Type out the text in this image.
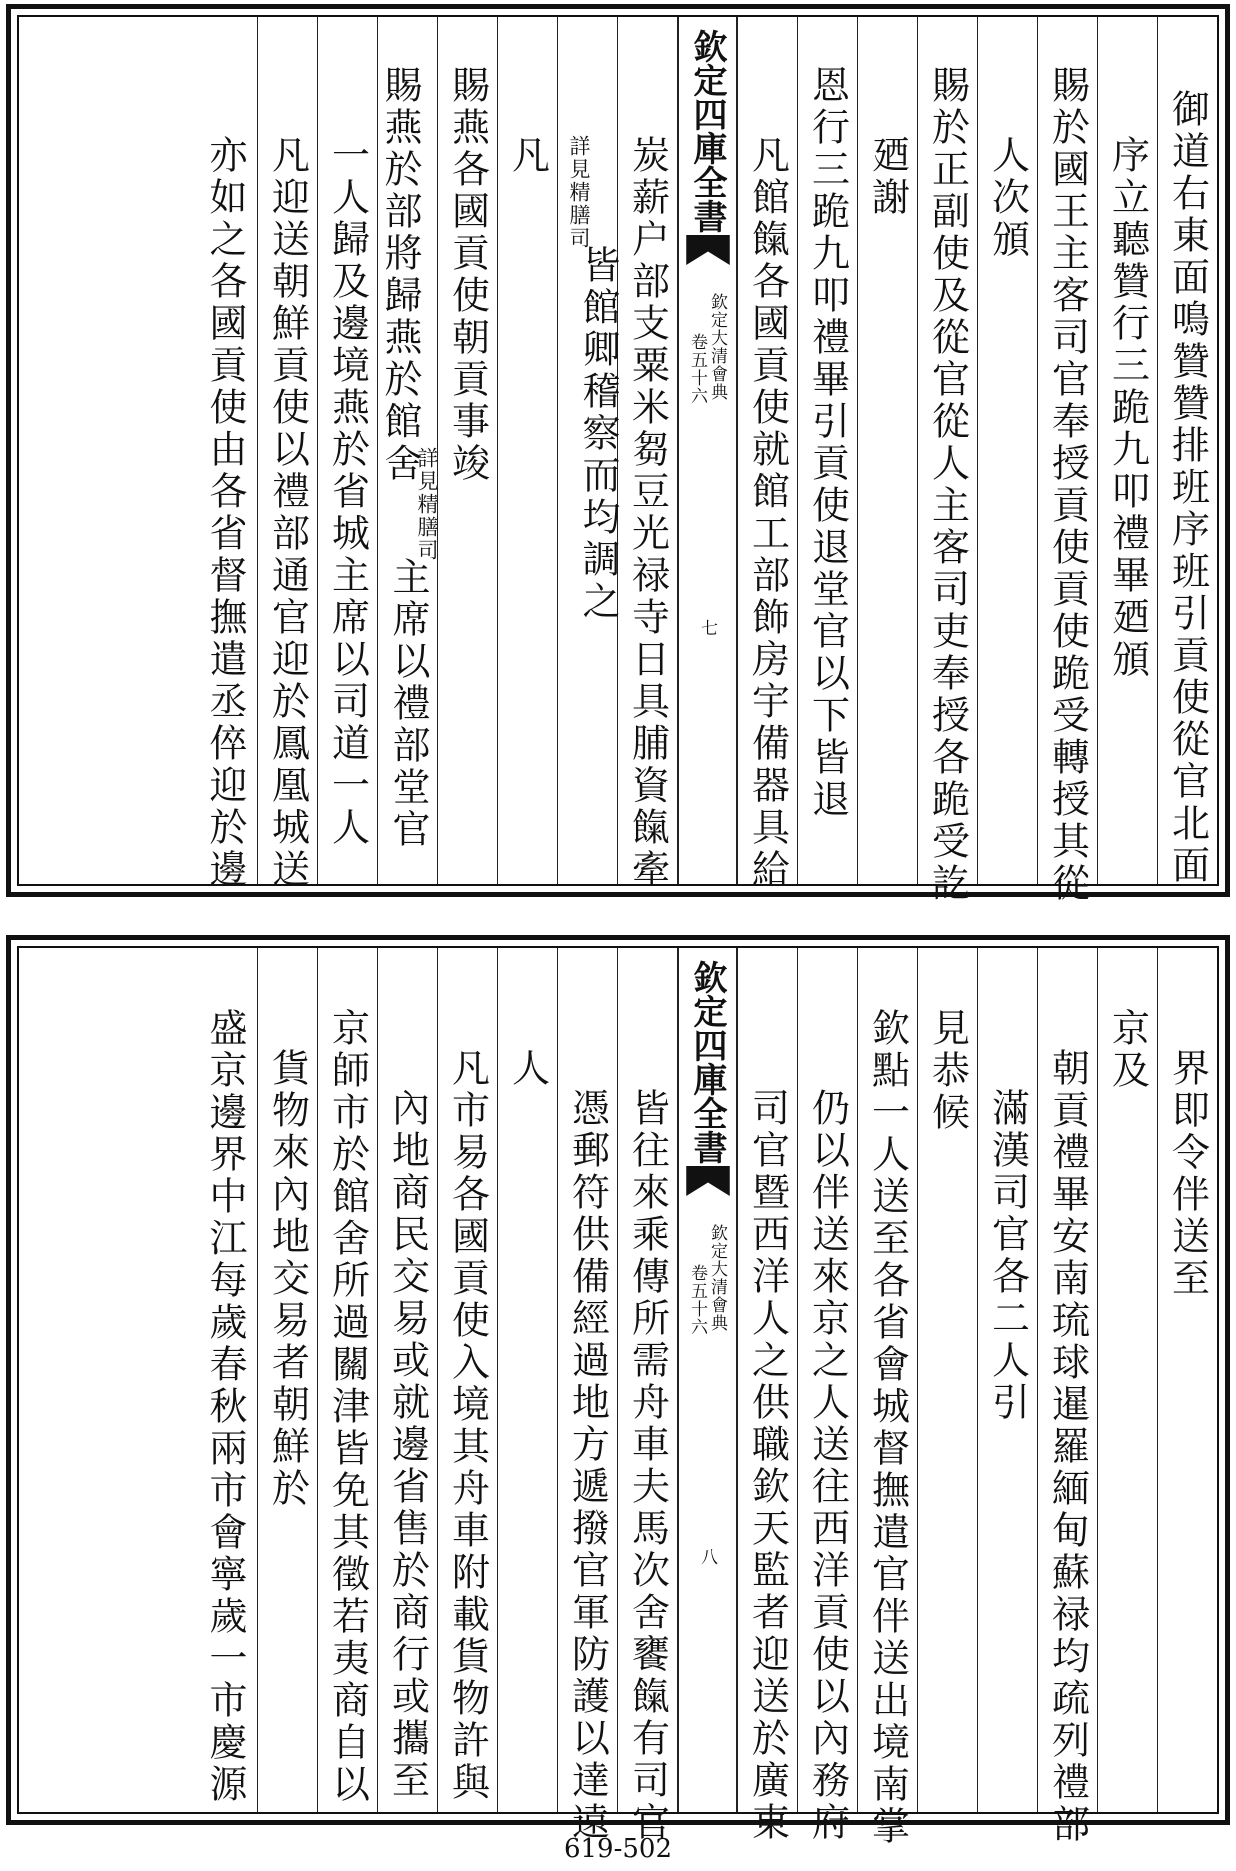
御道右東面鳴贊贊排班序班引貢使從官北面
序立聽贊行三跪九叩禮畢廼頒
賜於國王主客司官奉授貢使貢使跪受轉授其從
人次頒
賜於正副使及從官從人主客司吏奉授各跪受訖
廼謝
恩行三跪九叩禮畢引貢使退堂官以下皆退
凡館餼各國貢使就館工部飾房宇備器具給
欽定四庫全書
欽定大清會典
卷五十六
七
炭薪户部支粟米芻豆光禄寺日具脯資餼牽
詳見精膳司
皆館卿稽察而均調之
凡
賜燕各國貢使朝貢事竣
賜燕於部將歸燕於館舍
詳見精膳司
主席以禮部堂官
一人歸及邊境燕於省城主席以司道一人
凡迎送朝鮮貢使以禮部通官迎於鳳凰城送
亦如之各國貢使由各省督撫遣丞倅迎於邊
界即令伴送至
京及
朝貢禮畢安南琉球暹羅緬甸蘇禄均疏列禮部
滿漢司官各二人引
見恭候
欽點一人送至各省會城督撫遣官伴送出境南掌
仍以伴送來京之人送往西洋貢使以內務府
司官暨西洋人之供職欽天監者迎送於廣東
欽定四庫全書
欽定大清會典
卷五十六
八
皆往來乘傳所需舟車夫馬次舍饔餼有司官
憑郵符供備經過地方遞撥官軍防護以達遠
人
凡市易各國貢使入境其舟車附載貨物許與
內地商民交易或就邊省售於商行或攜至
京師市於館舍所過關津皆免其徵若夷商自以
貨物來內地交易者朝鮮於
盛京邊界中江每歲春秋兩市會寧歲一市慶源
619-502
